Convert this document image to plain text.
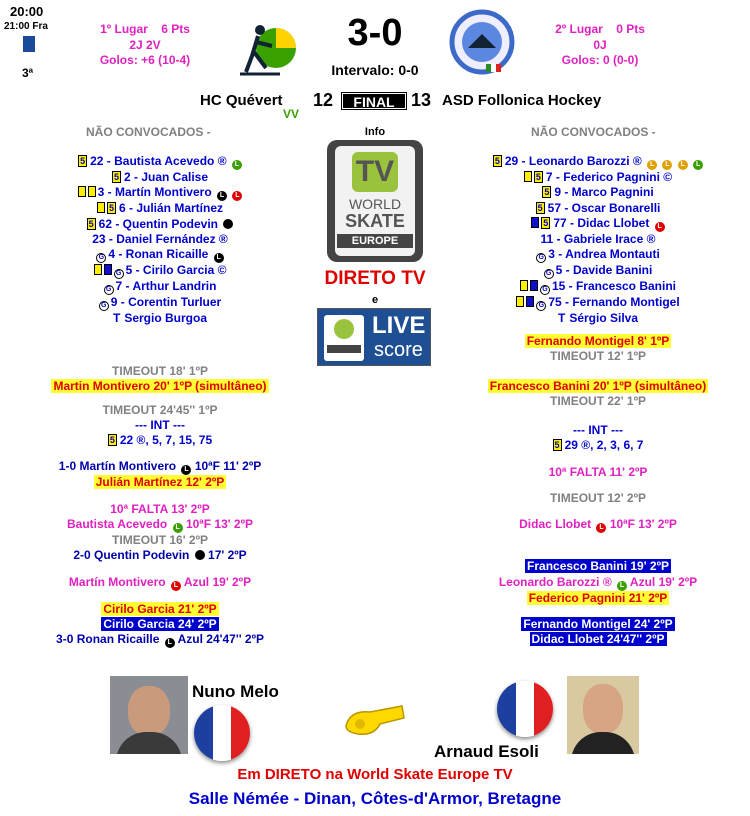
20:00
21:00 Fra
3ª
1º Lugar 6 Pts
2J 2V
Golos: +6 (10-4)
3-0
Intervalo: 0-0
2º Lugar 0 Pts
0J
Golos: 0 (0-0)
HC Quévert 12	FINAL 13 ASD Follonica Hockey
VV
NÃO CONVOCADOS -	NÃO CONVOCADOS -
5 22 - Bautista Acevedo ® L
5 2 - Juan Calise
3 - Martín Montivero L L
5 6 - Julián Martínez
5 62 - Quentin Podevin
23 - Daniel Fernández ®
G 4 - Ronan Ricaille L
G 5 - Cirilo Garcia ©
G 7 - Arthur Landrin
G 9 - Corentin Turluer
T Sergio Burgoa
5 29 - Leonardo Barozzi ® L L L L
5 7 - Federico Pagnini ©
5 9 - Marco Pagnini
5 57 - Oscar Bonarelli
5 77 - Didac Llobet L
11 - Gabriele Irace ®
G 3 - Andrea Montauti
G 5 - Davide Banini
G 15 - Francesco Banini
G 75 - Fernando Montigel
T Sérgio Silva
Info
TV
WORLD
SKATE
EUROPE
DIRETO TV
e
LIVE
score
TIMEOUT 18' 1ºP
Martin Montivero 20' 1ºP (simultâneo)
TIMEOUT 24'45'' 1ºP
--- INT ---
5 22 ®, 5, 7, 15, 75
1-0 Martín Montivero L 10ªF 11' 2ºP
Julián Martínez 12' 2ºP
10ª FALTA 13' 2ºP
Bautista Acevedo L 10ªF 13' 2ºP
TIMEOUT 16' 2ºP
2-0 Quentin Podevin 17' 2ºP
Martín Montivero L Azul 19' 2ºP
Cirilo Garcia 21' 2ºP
Cirilo Garcia 24' 2ºP
3-0 Ronan Ricaille L Azul 24'47'' 2ºP
Fernando Montigel 8' 1ºP
TIMEOUT 12' 1ºP
Francesco Banini 20' 1ºP (simultâneo)
TIMEOUT 22' 1ºP
--- INT ---
5 29 ®, 2, 3, 6, 7
10ª FALTA 11' 2ºP
TIMEOUT 12' 2ºP
Didac Llobet L 10ªF 13' 2ºP
Francesco Banini 19' 2ºP
Leonardo Barozzi ® L Azul 19' 2ºP
Federico Pagnini 21' 2ºP
Fernando Montigel 24' 2ºP
Didac Llobet 24'47'' 2ºP
Nuno Melo
Arnaud Esoli
Em DIRETO na World Skate Europe TV
Salle Némée - Dinan, Côtes-d'Armor, Bretagne
